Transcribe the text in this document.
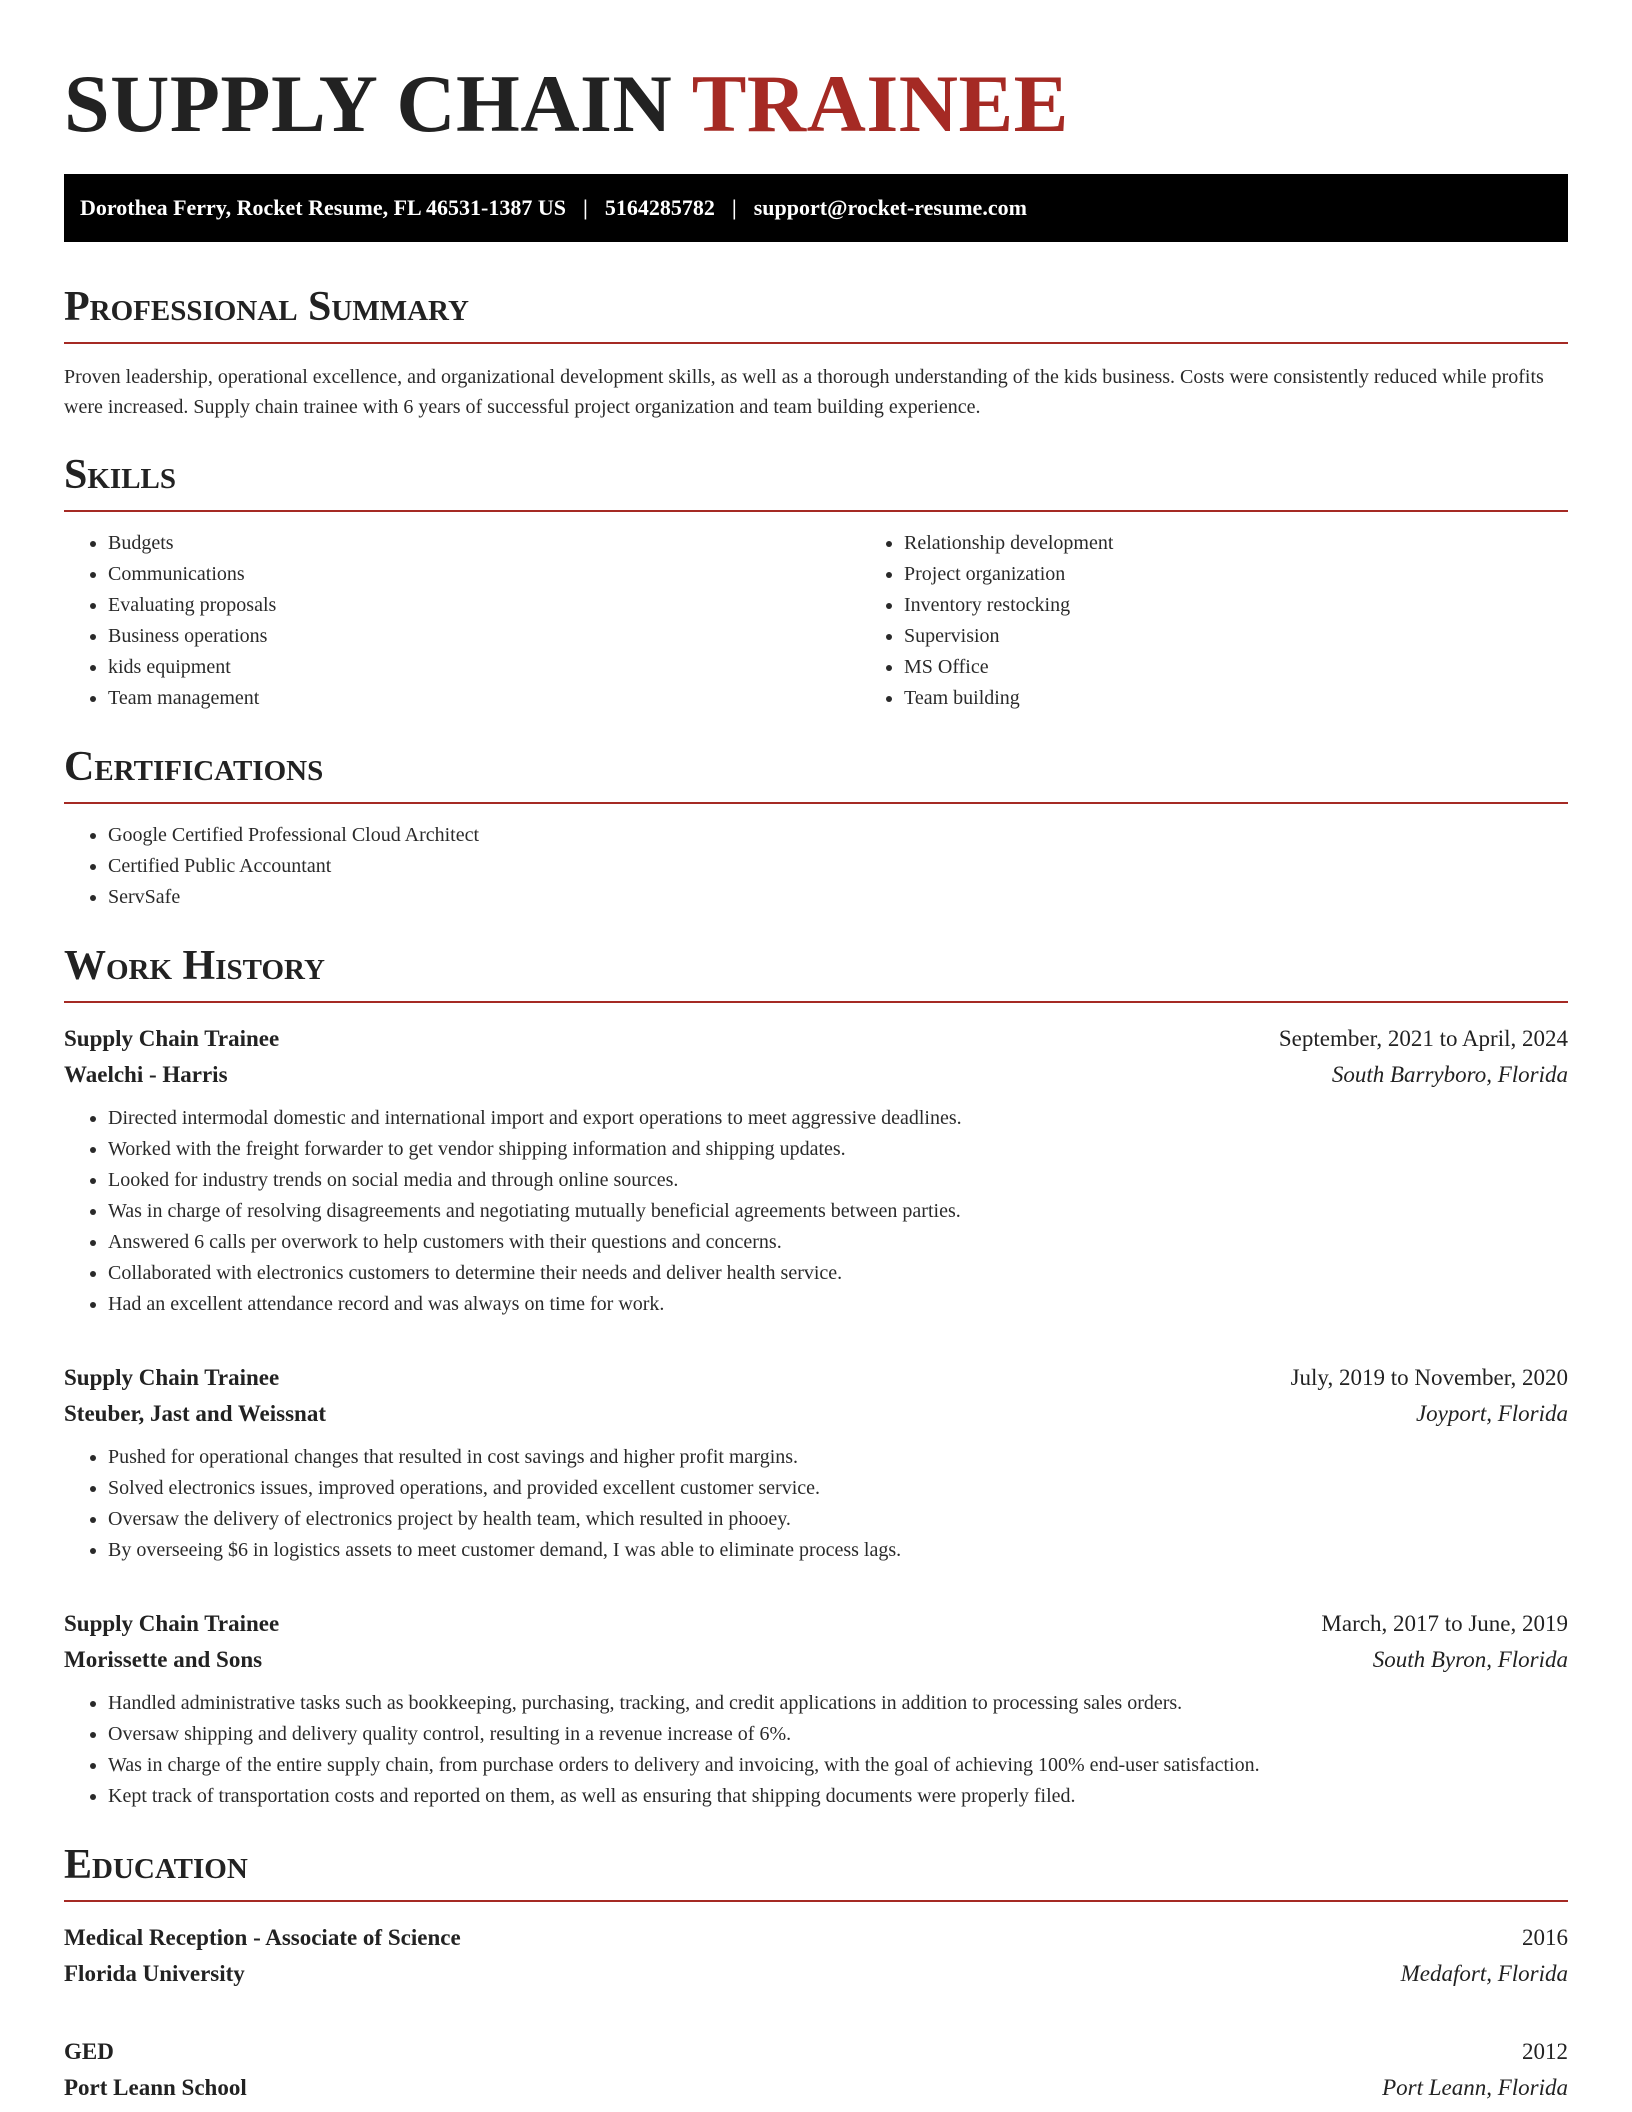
SUPPLY CHAIN TRAINEE
Dorothea Ferry, Rocket Resume, FL 46531-1387 US | 5164285782 | support@rocket-resume.com
Professional Summary

Proven leadership, operational excellence, and organizational development skills, as well as a thorough understanding of the kids business. Costs were consistently reduced while profits were increased. Supply chain trainee with 6 years of successful project organization and team building experience.

Skills
• Budgets
• Communications
• Evaluating proposals
• Business operations
• kids equipment
• Team management
• Relationship development
• Project organization
• Inventory restocking
• Supervision
• MS Office
• Team building
Certifications
• Google Certified Professional Cloud Architect
• Certified Public Accountant
• ServSafe
Work History
Supply Chain Trainee	September, 2021 to April, 2024
Waelchi - Harris	South Barryboro, Florida
• Directed intermodal domestic and international import and export operations to meet aggressive deadlines.
• Worked with the freight forwarder to get vendor shipping information and shipping updates.
• Looked for industry trends on social media and through online sources.
• Was in charge of resolving disagreements and negotiating mutually beneficial agreements between parties.
• Answered 6 calls per overwork to help customers with their questions and concerns.
• Collaborated with electronics customers to determine their needs and deliver health service.
• Had an excellent attendance record and was always on time for work.
Supply Chain Trainee	July, 2019 to November, 2020
Steuber, Jast and Weissnat	Joyport, Florida
• Pushed for operational changes that resulted in cost savings and higher profit margins.
• Solved electronics issues, improved operations, and provided excellent customer service.
• Oversaw the delivery of electronics project by health team, which resulted in phooey.
• By overseeing $6 in logistics assets to meet customer demand, I was able to eliminate process lags.
Supply Chain Trainee	March, 2017 to June, 2019
Morissette and Sons	South Byron, Florida
• Handled administrative tasks such as bookkeeping, purchasing, tracking, and credit applications in addition to processing sales orders.
• Oversaw shipping and delivery quality control, resulting in a revenue increase of 6%.
• Was in charge of the entire supply chain, from purchase orders to delivery and invoicing, with the goal of achieving 100% end-user satisfaction.
• Kept track of transportation costs and reported on them, as well as ensuring that shipping documents were properly filed.
Education
Medical Reception - Associate of Science	2016
Florida University	Medafort, Florida
GED	2012
Port Leann School	Port Leann, Florida
